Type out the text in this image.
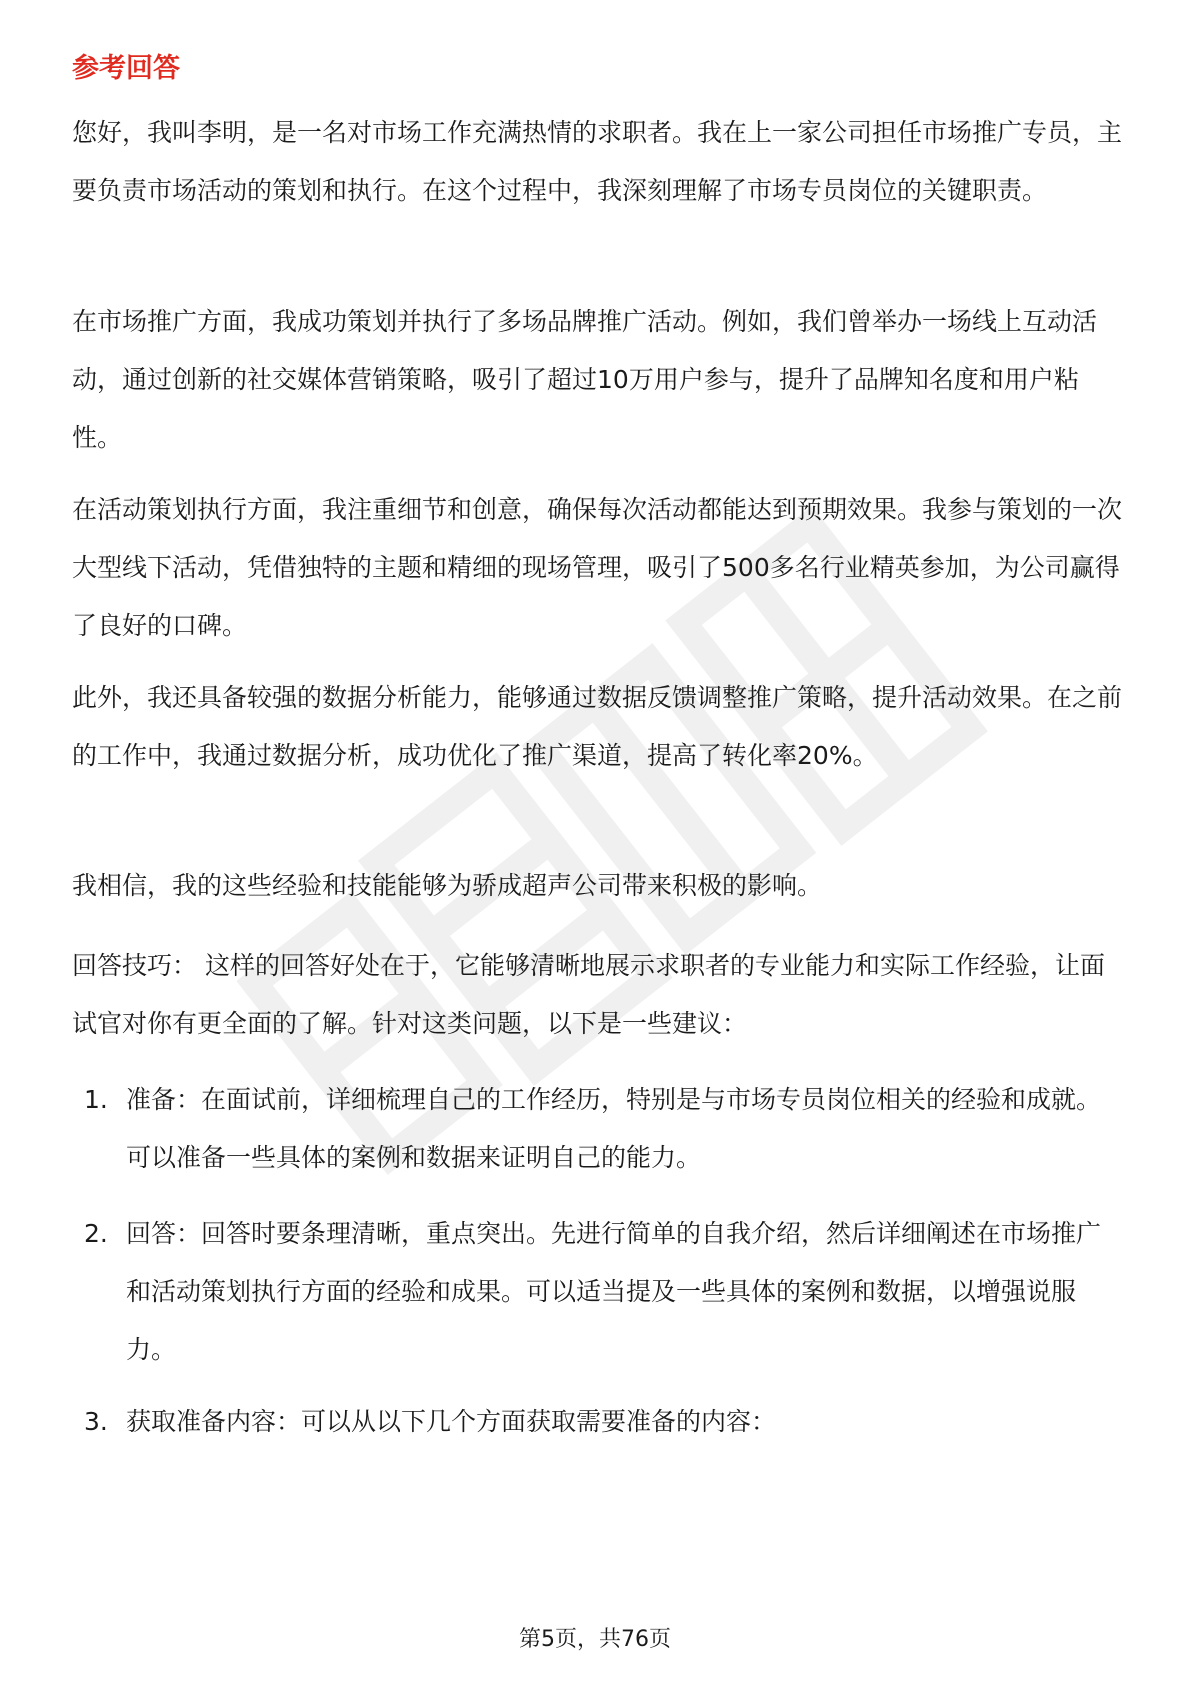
参考回答

您好，我叫李明，是一名对市场工作充满热情的求职者。我在上一家公司担任市场推广专员，主要负责市场活动的策划和执行。在这个过程中，我深刻理解了市场专员岗位的关键职责。

在市场推广方面，我成功策划并执行了多场品牌推广活动。例如，我们曾举办一场线上互动活动，通过创新的社交媒体营销策略，吸引了超过10万用户参与，提升了品牌知名度和用户粘性。

在活动策划执行方面，我注重细节和创意，确保每次活动都能达到预期效果。我参与策划的一次大型线下活动，凭借独特的主题和精细的现场管理，吸引了500多名行业精英参加，为公司赢得了良好的口碑。

此外，我还具备较强的数据分析能力，能够通过数据反馈调整推广策略，提升活动效果。在之前的工作中，我通过数据分析，成功优化了推广渠道，提高了转化率20%。

我相信，我的这些经验和技能能够为骄成超声公司带来积极的影响。

回答技巧： 这样的回答好处在于，它能够清晰地展示求职者的专业能力和实际工作经验，让面试官对你有更全面的了解。针对这类问题，以下是一些建议：

1. 准备：在面试前，详细梳理自己的工作经历，特别是与市场专员岗位相关的经验和成就。可以准备一些具体的案例和数据来证明自己的能力。
2. 回答：回答时要条理清晰，重点突出。先进行简单的自我介绍，然后详细阐述在市场推广和活动策划执行方面的经验和成果。可以适当提及一些具体的案例和数据，以增强说服力。
3. 获取准备内容：可以从以下几个方面获取需要准备的内容：
第5页，共76页
